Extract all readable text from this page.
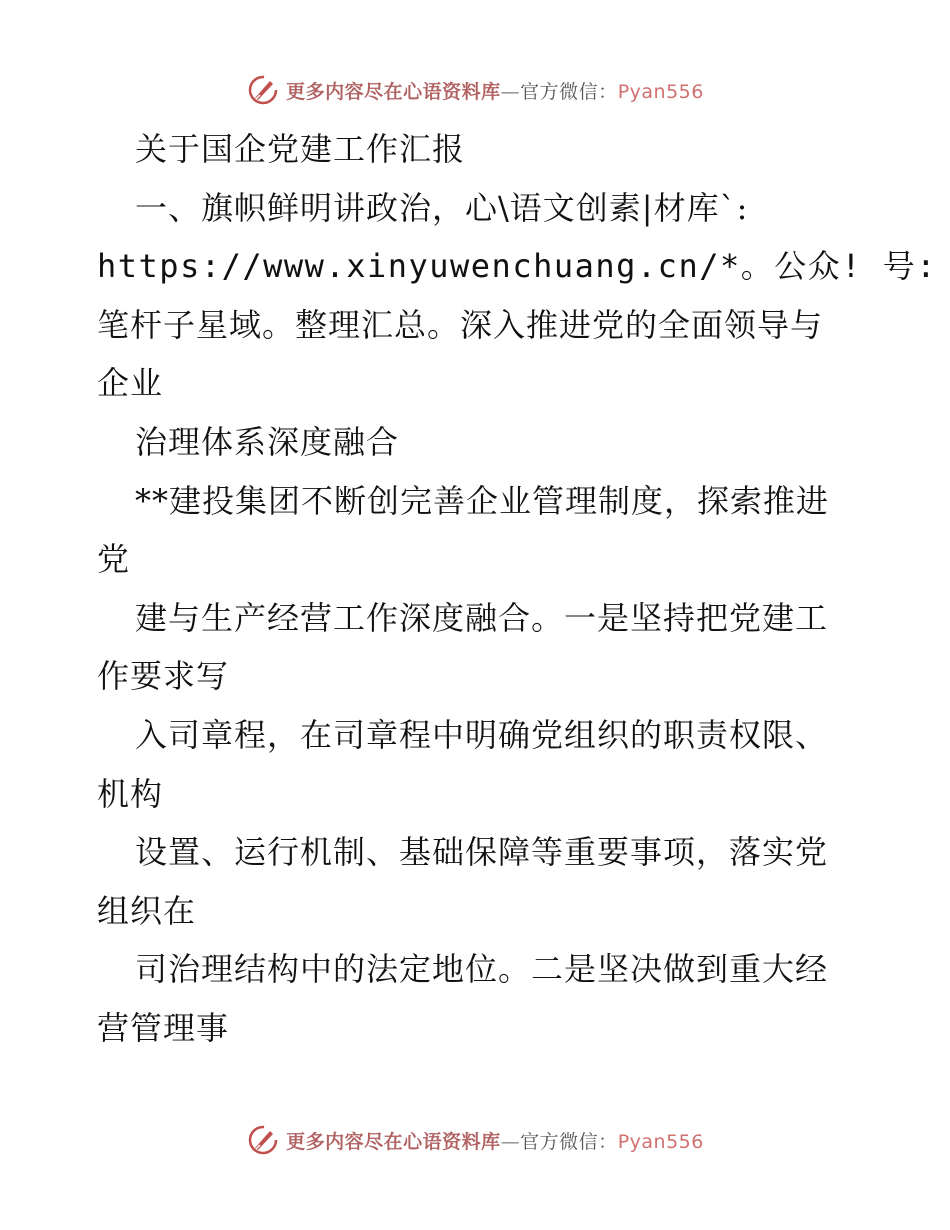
更多内容尽在心语资料库—官方微信：Pyan556
关于国企党建工作汇报
一、旗帜鲜明讲政治，心\语文创素|材库`:
https://www.xinyuwenchuang.cn/*。公众! 号:
笔杆子星域。整理汇总。深入推进党的全面领导与
企业
治理体系深度融合
**建投集团不断创完善企业管理制度，探索推进
党
建与生产经营工作深度融合。一是坚持把党建工
作要求写
入司章程，在司章程中明确党组织的职责权限、
机构
设置、运行机制、基础保障等重要事项，落实党
组织在
司治理结构中的法定地位。二是坚决做到重大经
营管理事
更多内容尽在心语资料库—官方微信：Pyan556
